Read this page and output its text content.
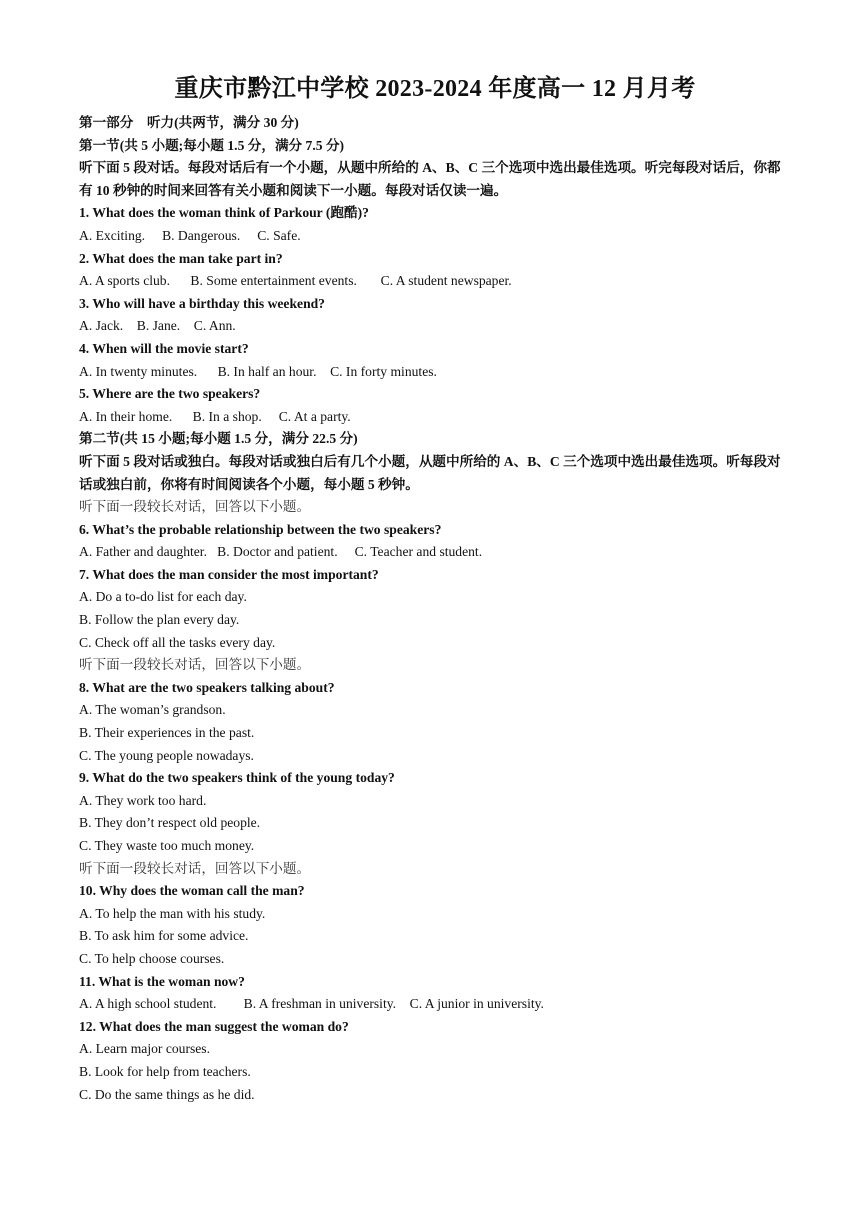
重庆市黔江中学校 2023-2024 年度高一 12 月月考
第一部分　听力(共两节，满分 30 分)
第一节(共 5 小题;每小题 1.5 分，满分 7.5 分)
听下面 5 段对话。每段对话后有一个小题，从题中所给的 A、B、C 三个选项中选出最佳选项。听完每段对话后，你都有 10 秒钟的时间来回答有关小题和阅读下一小题。每段对话仅读一遍。
1. What does the woman think of Parkour (跑酷)?
A. Exciting.     B. Dangerous.     C. Safe.
2. What does the man take part in?
A. A sports club.      B. Some entertainment events.       C. A student newspaper.
3. Who will have a birthday this weekend?
A. Jack.    B. Jane.    C. Ann.
4. When will the movie start?
A. In twenty minutes.      B. In half an hour.    C. In forty minutes.
5. Where are the two speakers?
A. In their home.      B. In a shop.     C. At a party.
第二节(共 15 小题;每小题 1.5 分，满分 22.5 分)
听下面 5 段对话或独白。每段对话或独白后有几个小题，从题中所给的 A、B、C 三个选项中选出最佳选项。听每段对话或独白前，你将有时间阅读各个小题，每小题 5 秒钟。
听下面一段较长对话，回答以下小题。
6. What’s the probable relationship between the two speakers?
A. Father and daughter.   B. Doctor and patient.     C. Teacher and student.
7. What does the man consider the most important?
A. Do a to-do list for each day.
B. Follow the plan every day.
C. Check off all the tasks every day.
听下面一段较长对话，回答以下小题。
8. What are the two speakers talking about?
A. The woman’s grandson.
B. Their experiences in the past.
C. The young people nowadays.
9. What do the two speakers think of the young today?
A. They work too hard.
B. They don’t respect old people.
C. They waste too much money.
听下面一段较长对话，回答以下小题。
10. Why does the woman call the man?
A. To help the man with his study.
B. To ask him for some advice.
C. To help choose courses.
11. What is the woman now?
A. A high school student.        B. A freshman in university.    C. A junior in university.
12. What does the man suggest the woman do?
A. Learn major courses.
B. Look for help from teachers.
C. Do the same things as he did.
